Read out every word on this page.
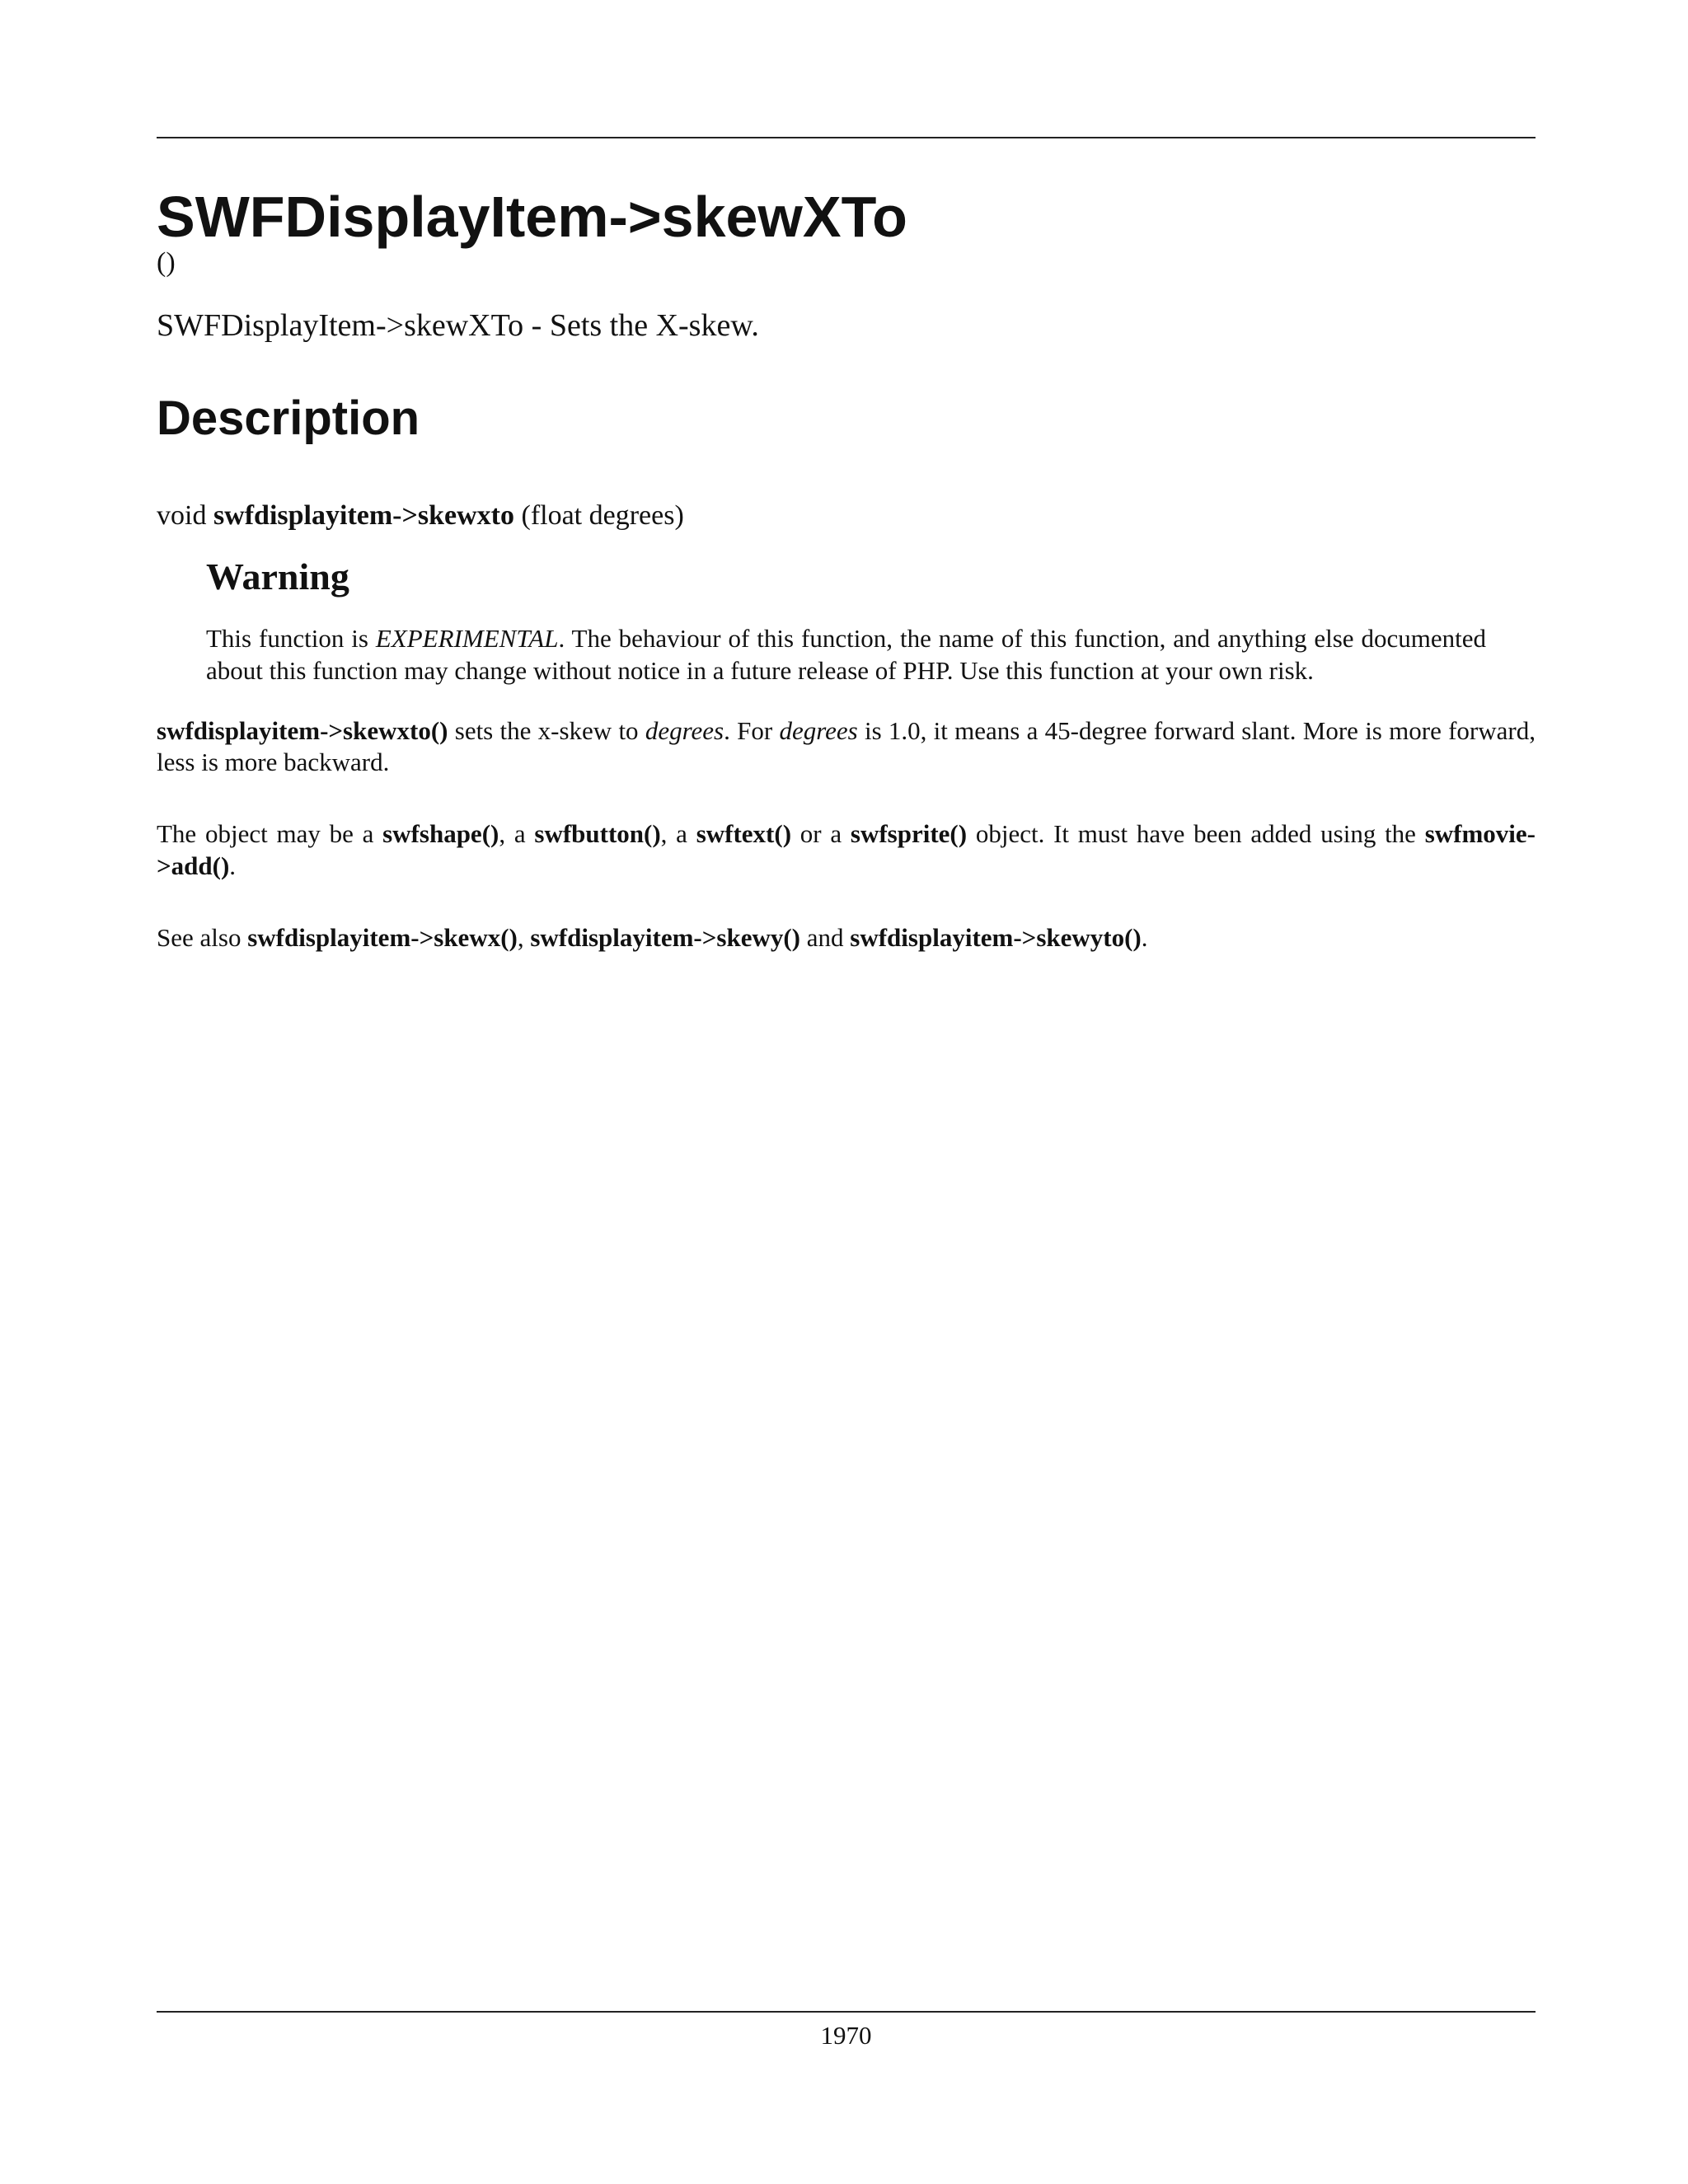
SWFDisplayItem->skewXTo
()
SWFDisplayItem->skewXTo - Sets the X-skew.
Description
void swfdisplayitem->skewxto (float degrees)
Warning

This function is EXPERIMENTAL. The behaviour of this function, the name of this function, and anything else documented about this function may change without notice in a future release of PHP. Use this function at your own risk.

swfdisplayitem->skewxto() sets the x-skew to degrees. For degrees is 1.0, it means a 45-degree forward slant. More is more forward, less is more backward.

The object may be a swfshape(), a swfbutton(), a swftext() or a swfsprite() object. It must have been added using the swfmovie->add().

See also swfdisplayitem->skewx(), swfdisplayitem->skewy() and swfdisplayitem->skewyto().

1970
